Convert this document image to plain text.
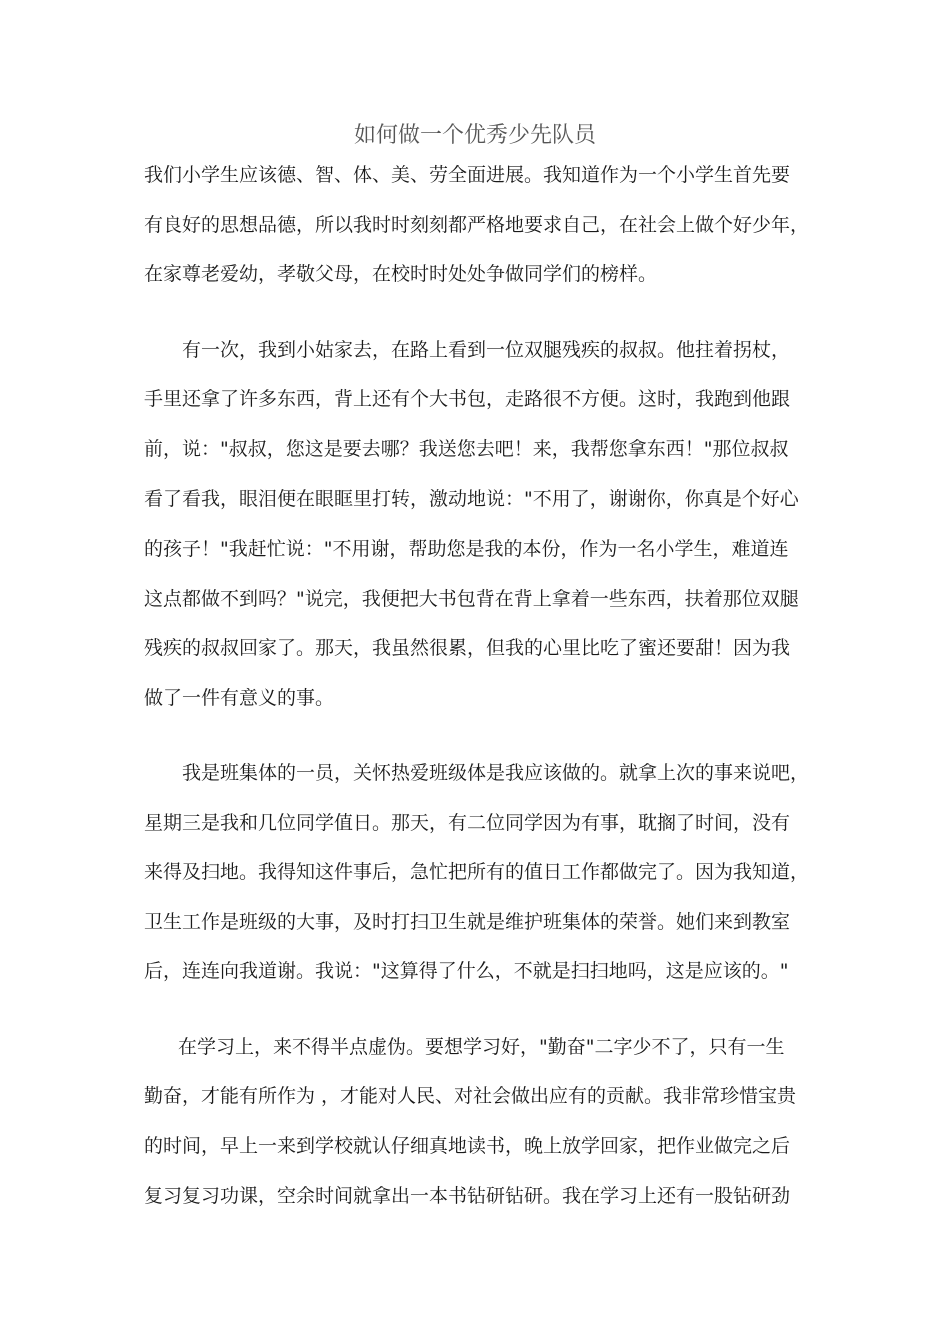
如何做一个优秀少先队员
我们小学生应该德、智、体、美、劳全面进展。我知道作为一个小学生首先要
有良好的思想品德，所以我时时刻刻都严格地要求自己，在社会上做个好少年，
在家尊老爱幼，孝敬父母，在校时时处处争做同学们的榜样。
有一次，我到小姑家去，在路上看到一位双腿残疾的叔叔。他拄着拐杖，
手里还拿了许多东西，背上还有个大书包，走路很不方便。这时，我跑到他跟
前，说："叔叔，您这是要去哪？我送您去吧！来，我帮您拿东西！"那位叔叔
看了看我，眼泪便在眼眶里打转，激动地说："不用了，谢谢你，你真是个好心
的孩子！"我赶忙说："不用谢，帮助您是我的本份，作为一名小学生，难道连
这点都做不到吗？"说完，我便把大书包背在背上拿着一些东西，扶着那位双腿
残疾的叔叔回家了。那天，我虽然很累，但我的心里比吃了蜜还要甜！因为我
做了一件有意义的事。
我是班集体的一员，关怀热爱班级体是我应该做的。就拿上次的事来说吧，
星期三是我和几位同学值日。那天，有二位同学因为有事，耽搁了时间，没有
来得及扫地。我得知这件事后，急忙把所有的值日工作都做完了。因为我知道，
卫生工作是班级的大事，及时打扫卫生就是维护班集体的荣誉。她们来到教室
后，连连向我道谢。我说："这算得了什么，不就是扫扫地吗，这是应该的。"
在学习上，来不得半点虚伪。要想学习好，"勤奋"二字少不了，只有一生
勤奋，才能有所作为 ，才能对人民、对社会做出应有的贡献。我非常珍惜宝贵
的时间，早上一来到学校就认仔细真地读书，晚上放学回家，把作业做完之后
复习复习功课，空余时间就拿出一本书钻研钻研。我在学习上还有一股钻研劲
